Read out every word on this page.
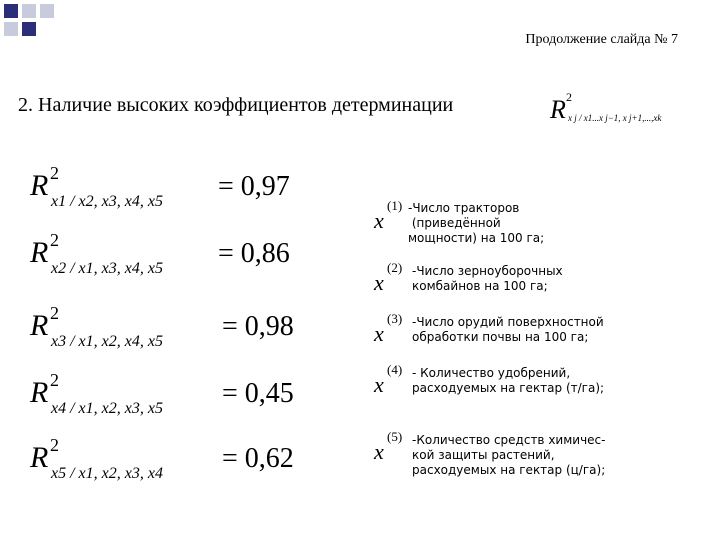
Продолжение слайда № 7
2. Наличие высоких коэффициентов детерминации	R 2
x j / x1...x j−1, x j+1,...,xk
R 2
x1 / x2, x3, x4, x5 = 0,97
R 2
x2 / x1, x3, x4, x5 = 0,86
R 2
x3 / x1, x2, x4, x5 = 0,98
R 2
x4 / x1, x2, x3, x5 = 0,45
R 2
x5 / x1, x2, x3, x4 = 0,62
x
(1) -Число тракторов
(приведённой
мощности) на 100 га;
x
(2) -Число зерноуборочных
комбайнов на 100 га;
x
(3) -Число орудий поверхностной
обработки почвы на 100 га;
x
(4) - Количество удобрений,
расходуемых на гектар (т/га);
x
(5) -Количество средств химичес-
кой защиты растений,
расходуемых на гектар (ц/га);
